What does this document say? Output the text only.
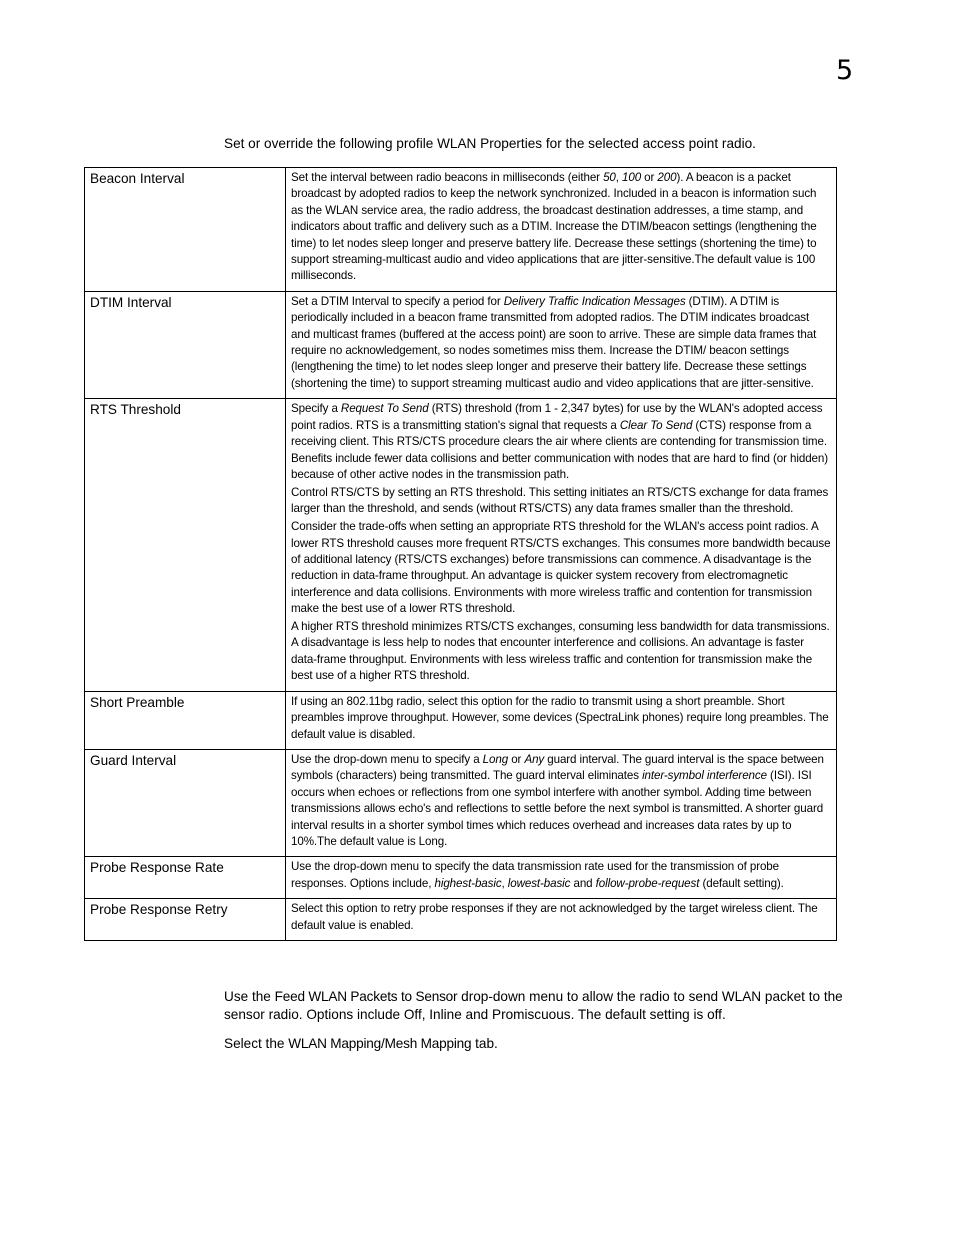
5

Set or override the following profile WLAN Properties for the selected access point radio.

Beacon Interval	Set the interval between radio beacons in milliseconds (either 50, 100 or 200). A beacon is a packet broadcast by adopted radios to keep the network synchronized. Included in a beacon is information such as the WLAN service area, the radio address, the broadcast destination addresses, a time stamp, and indicators about traffic and delivery such as a DTIM. Increase the DTIM/beacon settings (lengthening the time) to let nodes sleep longer and preserve battery life. Decrease these settings (shortening the time) to support streaming-multicast audio and video applications that are jitter-sensitive.The default value is 100 milliseconds.

DTIM Interval	Set a DTIM Interval to specify a period for Delivery Traffic Indication Messages (DTIM). A DTIM is periodically included in a beacon frame transmitted from adopted radios. The DTIM indicates broadcast and multicast frames (buffered at the access point) are soon to arrive. These are simple data frames that require no acknowledgement, so nodes sometimes miss them. Increase the DTIM/ beacon settings (lengthening the time) to let nodes sleep longer and preserve their battery life. Decrease these settings (shortening the time) to support streaming multicast audio and video applications that are jitter-sensitive.

RTS Threshold	Specify a Request To Send (RTS) threshold (from 1 - 2,347 bytes) for use by the WLAN's adopted access point radios. RTS is a transmitting station's signal that requests a Clear To Send (CTS) response from a receiving client. This RTS/CTS procedure clears the air where clients are contending for transmission time. Benefits include fewer data collisions and better communication with nodes that are hard to find (or hidden) because of other active nodes in the transmission path.

Control RTS/CTS by setting an RTS threshold. This setting initiates an RTS/CTS exchange for data frames larger than the threshold, and sends (without RTS/CTS) any data frames smaller than the threshold.

Consider the trade-offs when setting an appropriate RTS threshold for the WLAN's access point radios. A lower RTS threshold causes more frequent RTS/CTS exchanges. This consumes more bandwidth because of additional latency (RTS/CTS exchanges) before transmissions can commence. A disadvantage is the reduction in data-frame throughput. An advantage is quicker system recovery from electromagnetic interference and data collisions. Environments with more wireless traffic and contention for transmission make the best use of a lower RTS threshold.

A higher RTS threshold minimizes RTS/CTS exchanges, consuming less bandwidth for data transmissions. A disadvantage is less help to nodes that encounter interference and collisions. An advantage is faster data-frame throughput. Environments with less wireless traffic and contention for transmission make the best use of a higher RTS threshold.

Short Preamble	If using an 802.11bg radio, select this option for the radio to transmit using a short preamble. Short preambles improve throughput. However, some devices (SpectraLink phones) require long preambles. The default value is disabled.

Guard Interval	Use the drop-down menu to specify a Long or Any guard interval. The guard interval is the space between symbols (characters) being transmitted. The guard interval eliminates inter-symbol interference (ISI). ISI occurs when echoes or reflections from one symbol interfere with another symbol. Adding time between transmissions allows echo's and reflections to settle before the next symbol is transmitted. A shorter guard interval results in a shorter symbol times which reduces overhead and increases data rates by up to 10%.The default value is Long.

Probe Response Rate	Use the drop-down menu to specify the data transmission rate used for the transmission of probe responses. Options include, highest-basic, lowest-basic and follow-probe-request (default setting).

Probe Response Retry	Select this option to retry probe responses if they are not acknowledged by the target wireless client. The default value is enabled.

Use the Feed WLAN Packets to Sensor drop-down menu to allow the radio to send WLAN packet to the sensor radio. Options include Off, Inline and Promiscuous. The default setting is off.

Select the WLAN Mapping/Mesh Mapping tab.
